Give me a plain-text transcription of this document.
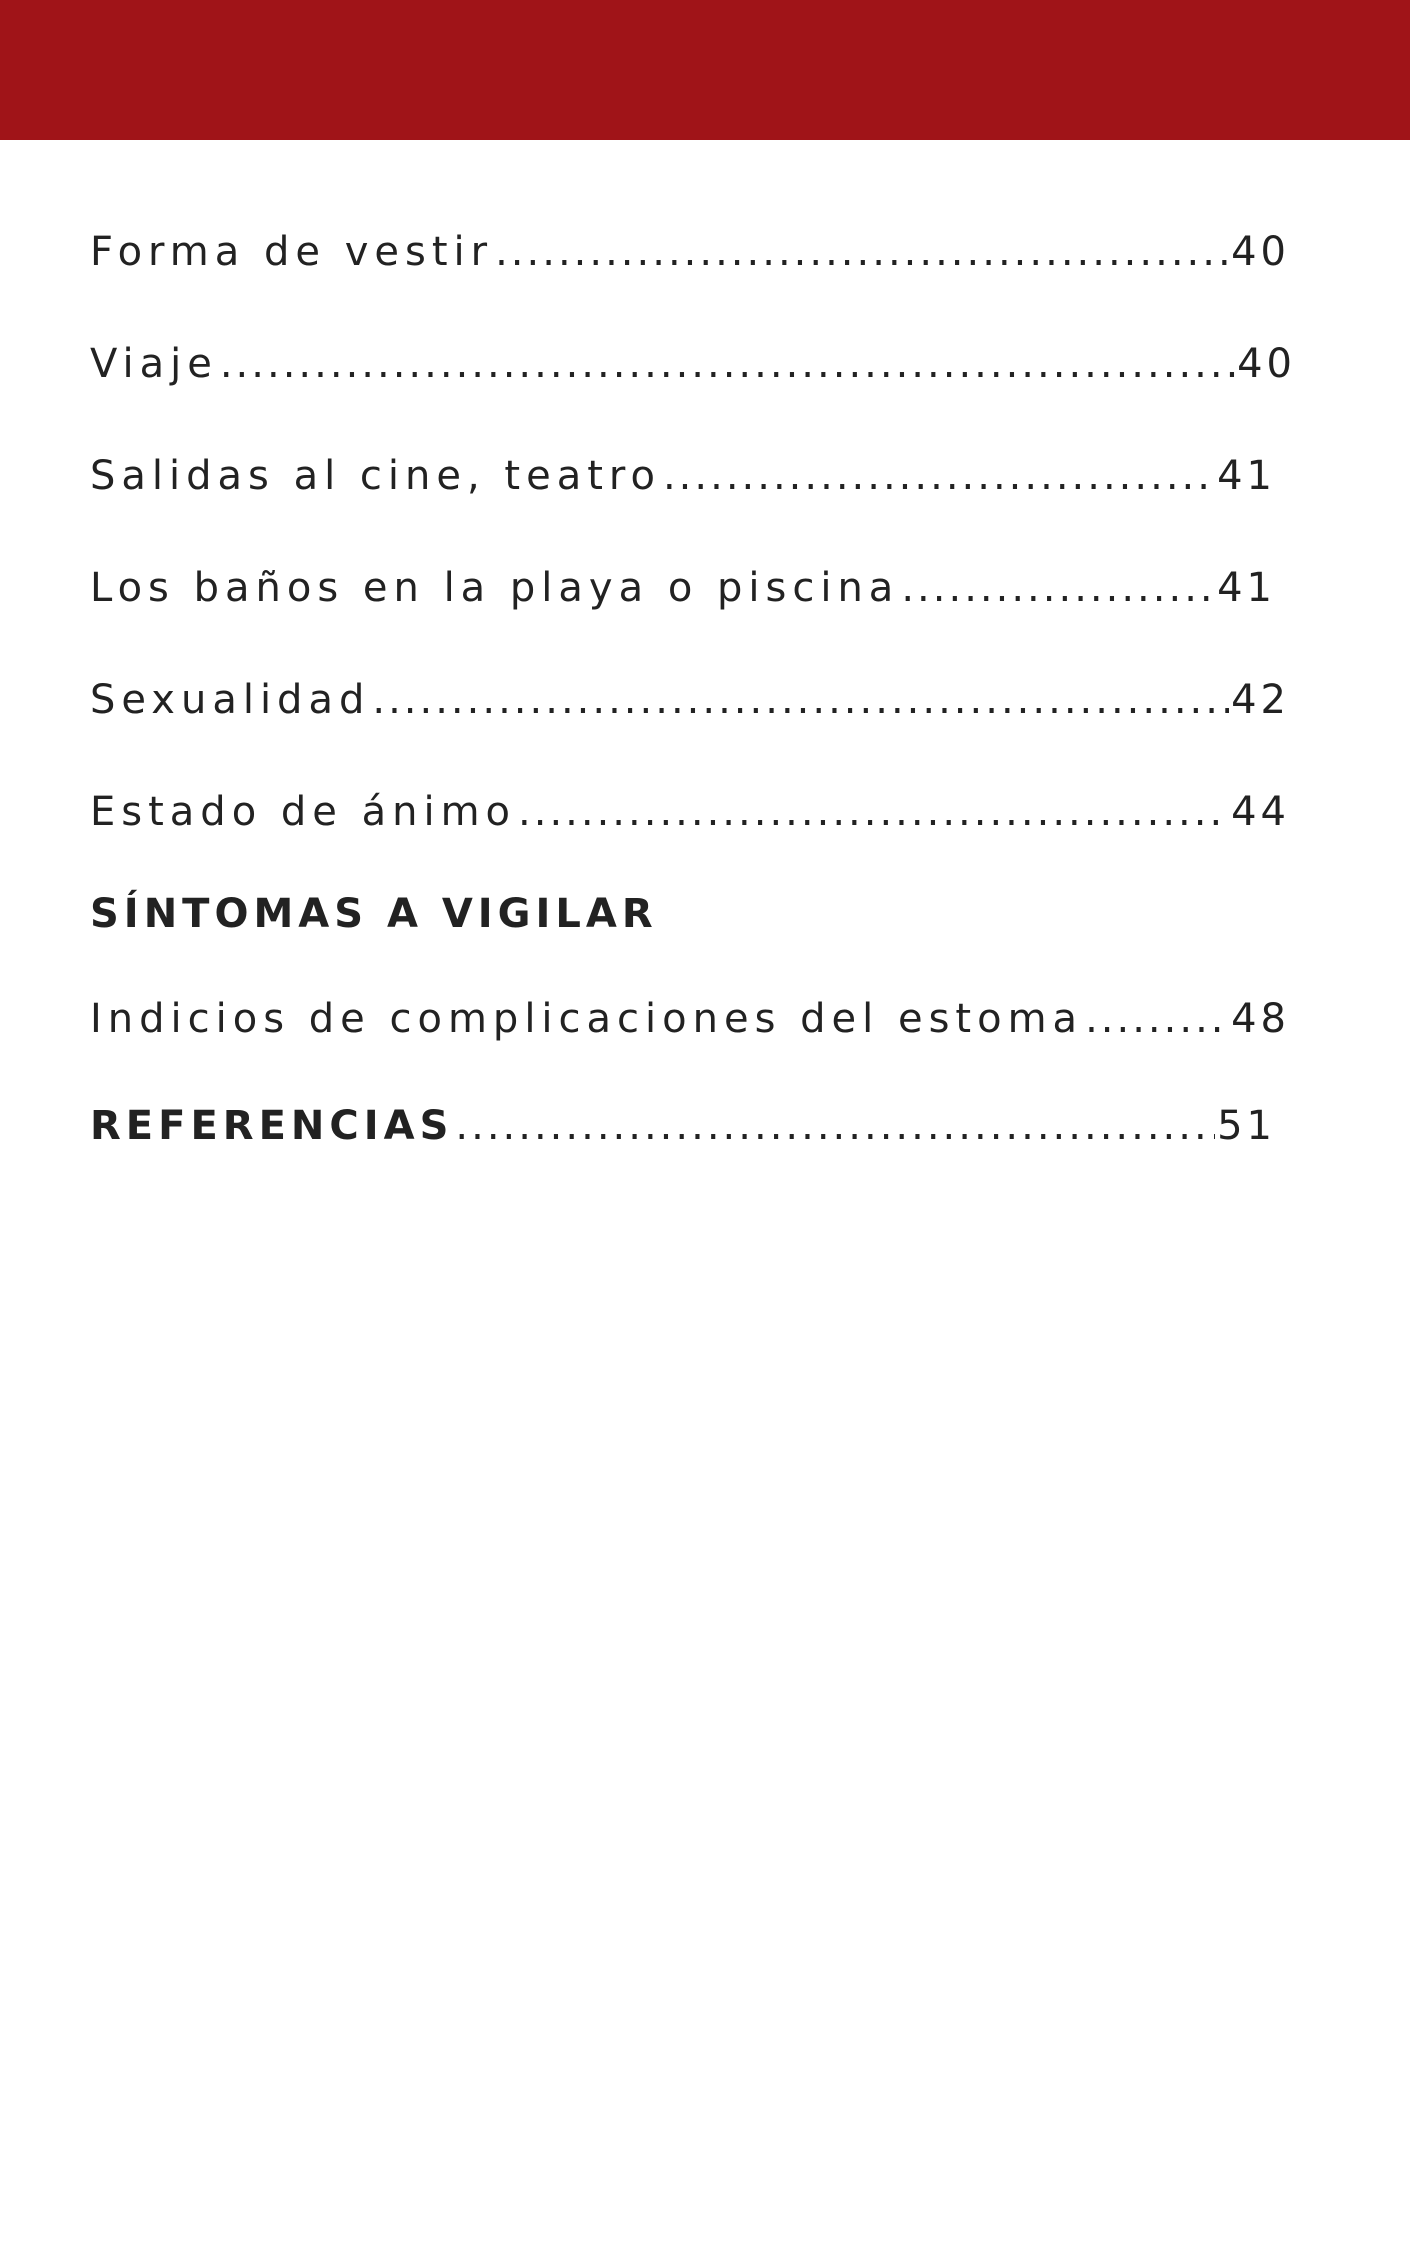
Forma de vestir .....	40
Viaje .....	40
Salidas al cine, teatro .....	41
Los baños en la playa o piscina .....	41
Sexualidad .....	42
Estado de ánimo .....	44
SÍNTOMAS A VIGILAR
Indicios de complicaciones del estoma .....	48
REFERENCIAS .....	51
